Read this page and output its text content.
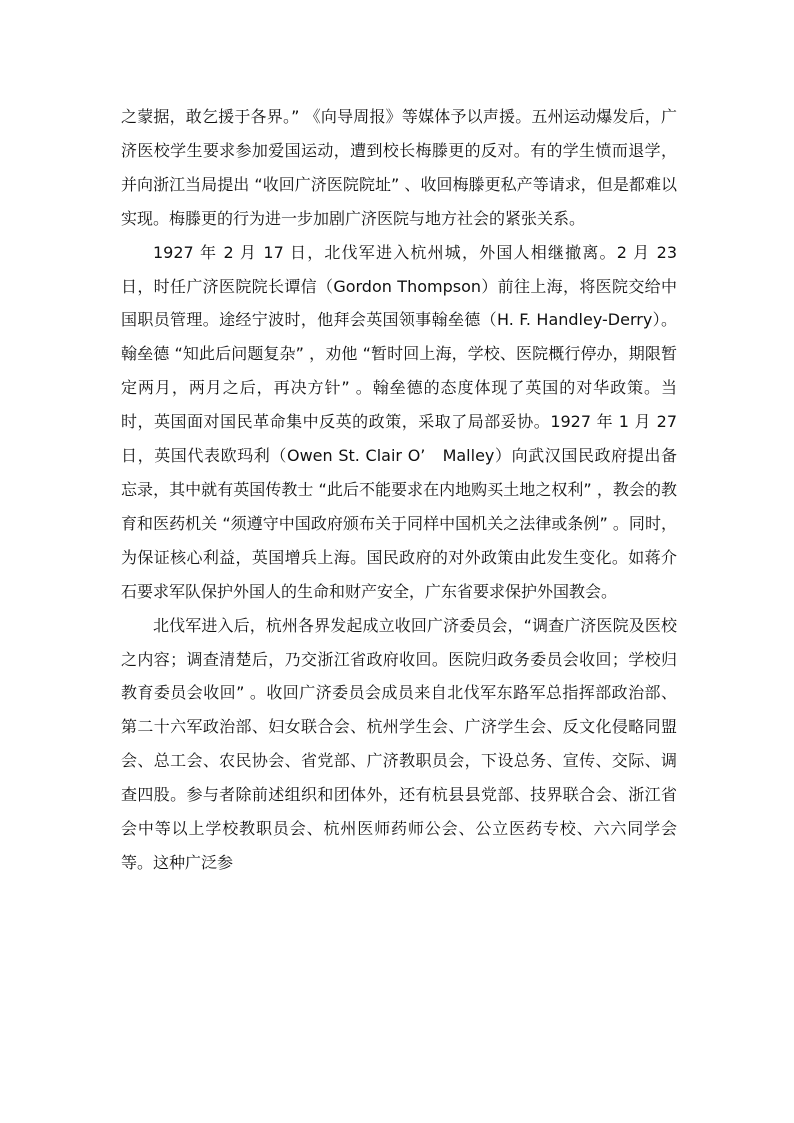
之蒙据，敢乞援于各界。” 《向导周报》等媒体予以声援。五州运动爆发后，广济医校学生要求参加爱国运动，遭到校长梅滕更的反对。有的学生愤而退学，并向浙江当局提出 “收回广济医院院址” 、收回梅滕更私产等请求，但是都难以实现。梅滕更的行为进一步加剧广济医院与地方社会的紧张关系。

1927 年 2 月 17 日，北伐军进入杭州城，外国人相继撤离。2 月 23 日，时任广济医院院长谭信（Gordon Thompson）前往上海，将医院交给中国职员管理。途经宁波时，他拜会英国领事翰垒德（H. F. Handley-Derry）。翰垒德 “知此后问题复杂” ，劝他 “暂时回上海，学校、医院概行停办，期限暂定两月，两月之后，再决方针” 。翰垒德的态度体现了英国的对华政策。当时，英国面对国民革命集中反英的政策，采取了局部妥协。1927 年 1 月 27 日，英国代表欧玛利（Owen St. Clair O’　Malley）向武汉国民政府提出备忘录，其中就有英国传教士 “此后不能要求在内地购买土地之权利” ，教会的教育和医药机关 “须遵守中国政府颁布关于同样中国机关之法律或条例” 。同时，为保证核心利益，英国增兵上海。国民政府的对外政策由此发生变化。如蒋介石要求军队保护外国人的生命和财产安全，广东省要求保护外国教会。

北伐军进入后，杭州各界发起成立收回广济委员会，“调查广济医院及医校之内容；调查清楚后，乃交浙江省政府收回。医院归政务委员会收回；学校归教育委员会收回” 。收回广济委员会成员来自北伐军东路军总指挥部政治部、第二十六军政治部、妇女联合会、杭州学生会、广济学生会、反文化侵略同盟会、总工会、农民协会、省党部、广济教职员会，下设总务、宣传、交际、调查四股。参与者除前述组织和团体外，还有杭县县党部、技界联合会、浙江省会中等以上学校教职员会、杭州医师药师公会、公立医药专校、六六同学会等。这种广泛参
